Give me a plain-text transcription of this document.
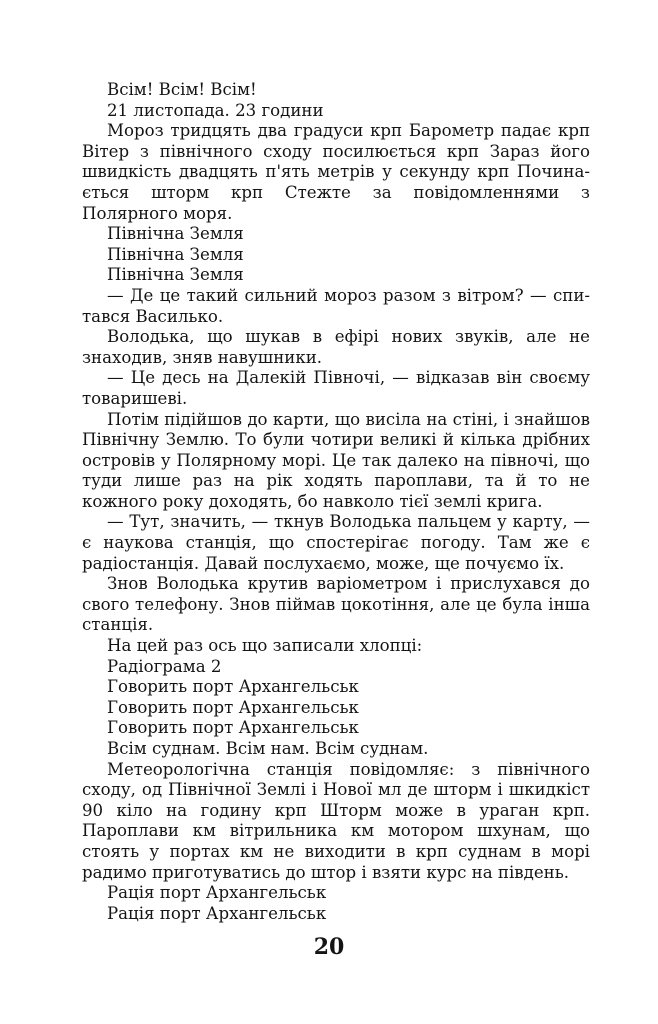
Всім! Всім! Всім!

21 листопада. 23 години

Мороз тридцять два градуси крп Барометр падає крп Вітер з північного сходу посилюється крп Зараз його швидкість двадцять п'ять метрів у секунду крп Починається шторм крп Стежте за повідомленнями з Полярного моря.

Північна Земля

Північна Земля

Північна Земля

— Де це такий сильний мороз разом з вітром? — спитався Василько.

Володька, що шукав в ефірі нових звуків, але не знаходив, зняв навушники.

— Це десь на Далекій Півночі, — відказав він своєму товаришеві.

Потім підійшов до карти, що висіла на стіні, і знайшов Північну Землю. То були чотири великі й кілька дрібних островів у Полярному морі. Це так далеко на півночі, що туди лише раз на рік ходять пароплави, та й то не кожного року доходять, бо навколо тієї землі крига.

— Тут, значить, — ткнув Володька пальцем у карту, — є наукова станція, що спостерігає погоду. Там же є радіостанція. Давай послухаємо, може, ще почуємо їх.

Знов Володька крутив варіометром і прислухався до свого телефону. Знов піймав цокотіння, але це була інша станція.

На цей раз ось що записали хлопці:

Радіограма 2

Говорить порт Архангельськ

Говорить порт Архангельськ

Говорить порт Архангельськ

Всім суднам. Всім нам. Всім суднам.

Метеорологічна станція повідомляє: з північного сходу, од Північної Землі і Нової мл де шторм і шкидкіст 90 кіло на годину крп Шторм може в ураган крп. Пароплави км вітрильника км мотором шхунам, що стоять у портах км не виходити в крп суднам в морі радимо приготуватись до штор і взяти курс на південь.

Рація порт Архангельськ

Рація порт Архангельськ

20
